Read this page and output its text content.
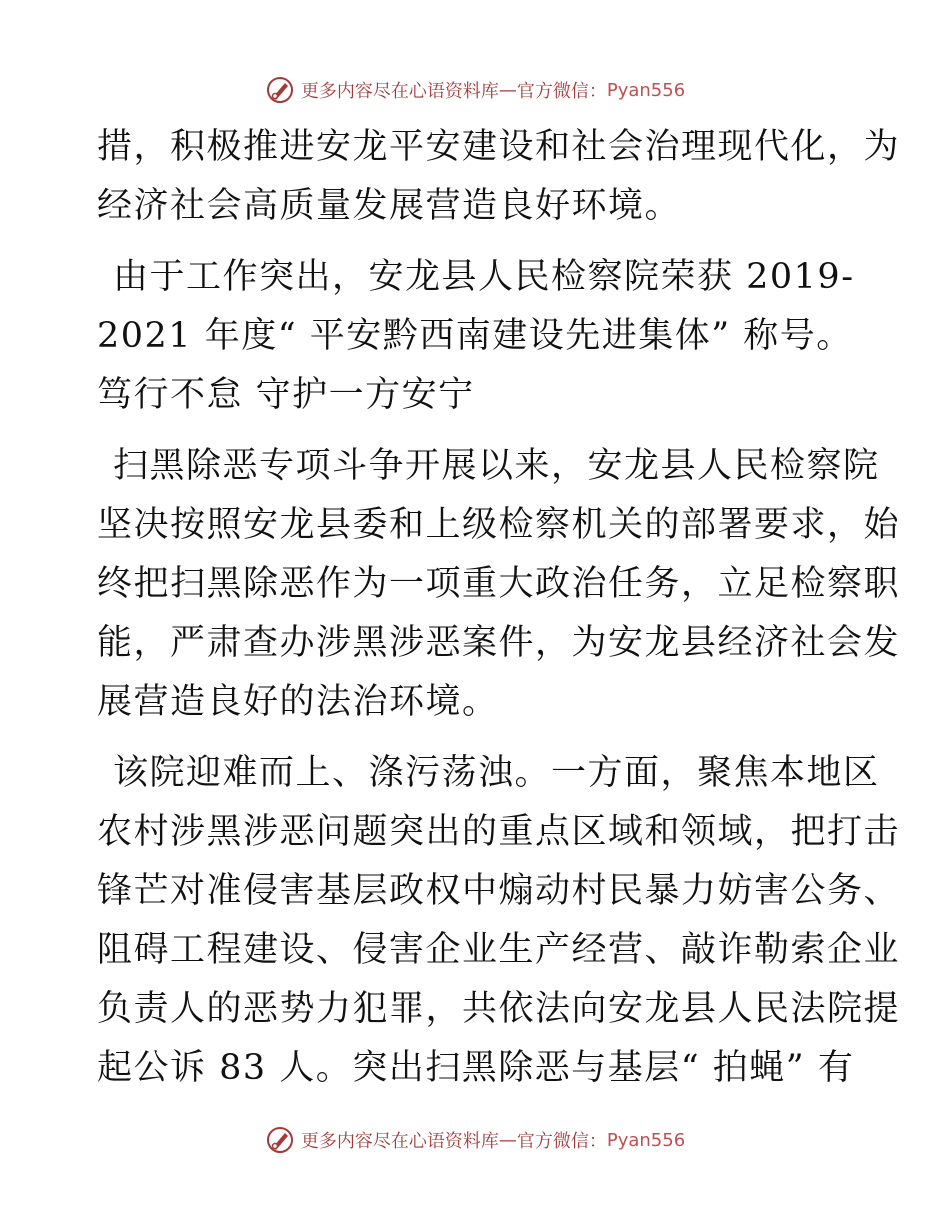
更多内容尽在心语资料库 — 官方微信： Pyan556

措，积极推进安龙平安建设和社会治理现代化，为
经济社会高质量发展营造良好环境。

由于工作突出，安龙县人民检察院荣获 2019-
2021 年度“ 平安黔西南建设先进集体” 称号。
笃行不怠 守护一方安宁

扫黑除恶专项斗争开展以来，安龙县人民检察院
坚决按照安龙县委和上级检察机关的部署要求，始
终把扫黑除恶作为一项重大政治任务，立足检察职
能，严肃查办涉黑涉恶案件，为安龙县经济社会发
展营造良好的法治环境。

该院迎难而上、涤污荡浊。一方面，聚焦本地区
农村涉黑涉恶问题突出的重点区域和领域，把打击
锋芒对准侵害基层政权中煽动村民暴力妨害公务、
阻碍工程建设、侵害企业生产经营、敲诈勒索企业
负责人的恶势力犯罪，共依法向安龙县人民法院提
起公诉 83 人。突出扫黑除恶与基层“ 拍蝇” 有

更多内容尽在心语资料库 — 官方微信： Pyan556
